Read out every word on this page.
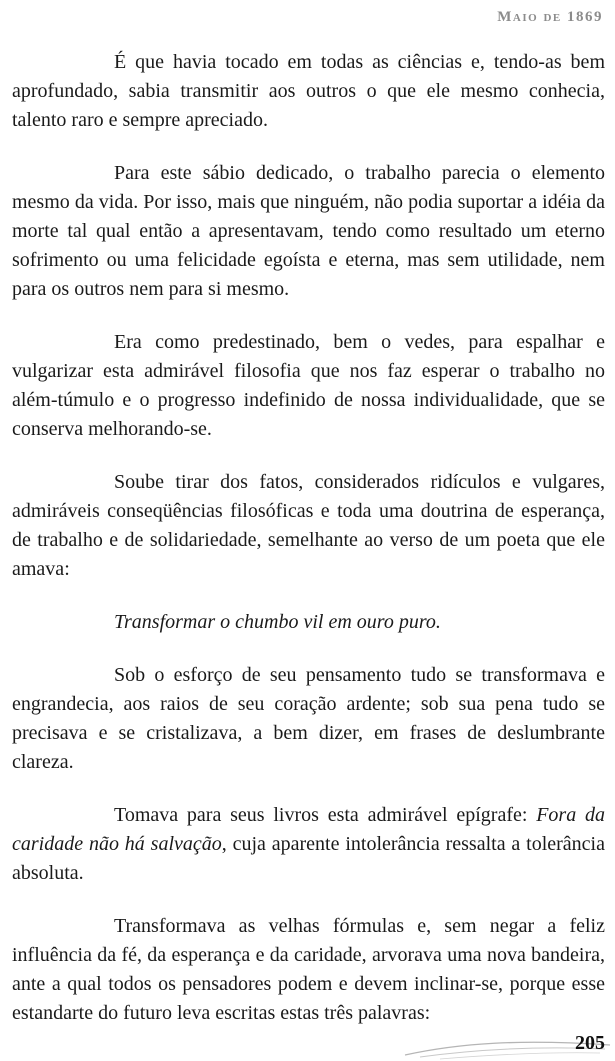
Maio de 1869

É que havia tocado em todas as ciências e, tendo-as bem aprofundado, sabia transmitir aos outros o que ele mesmo conhecia, talento raro e sempre apreciado.

Para este sábio dedicado, o trabalho parecia o elemento mesmo da vida. Por isso, mais que ninguém, não podia suportar a idéia da morte tal qual então a apresentavam, tendo como resultado um eterno sofrimento ou uma felicidade egoísta e eterna, mas sem utilidade, nem para os outros nem para si mesmo.

Era como predestinado, bem o vedes, para espalhar e vulgarizar esta admirável filosofia que nos faz esperar o trabalho no além-túmulo e o progresso indefinido de nossa individualidade, que se conserva melhorando-se.

Soube tirar dos fatos, considerados ridículos e vulgares, admiráveis conseqüências filosóficas e toda uma doutrina de esperança, de trabalho e de solidariedade, semelhante ao verso de um poeta que ele amava:

Transformar o chumbo vil em ouro puro.

Sob o esforço de seu pensamento tudo se transformava e engrandecia, aos raios de seu coração ardente; sob sua pena tudo se precisava e se cristalizava, a bem dizer, em frases de deslumbrante clareza.

Tomava para seus livros esta admirável epígrafe: Fora da caridade não há salvação, cuja aparente intolerância ressalta a tolerância absoluta.

Transformava as velhas fórmulas e, sem negar a feliz influência da fé, da esperança e da caridade, arvorava uma nova bandeira, ante a qual todos os pensadores podem e devem inclinar-se, porque esse estandarte do futuro leva escritas estas três palavras:

205
